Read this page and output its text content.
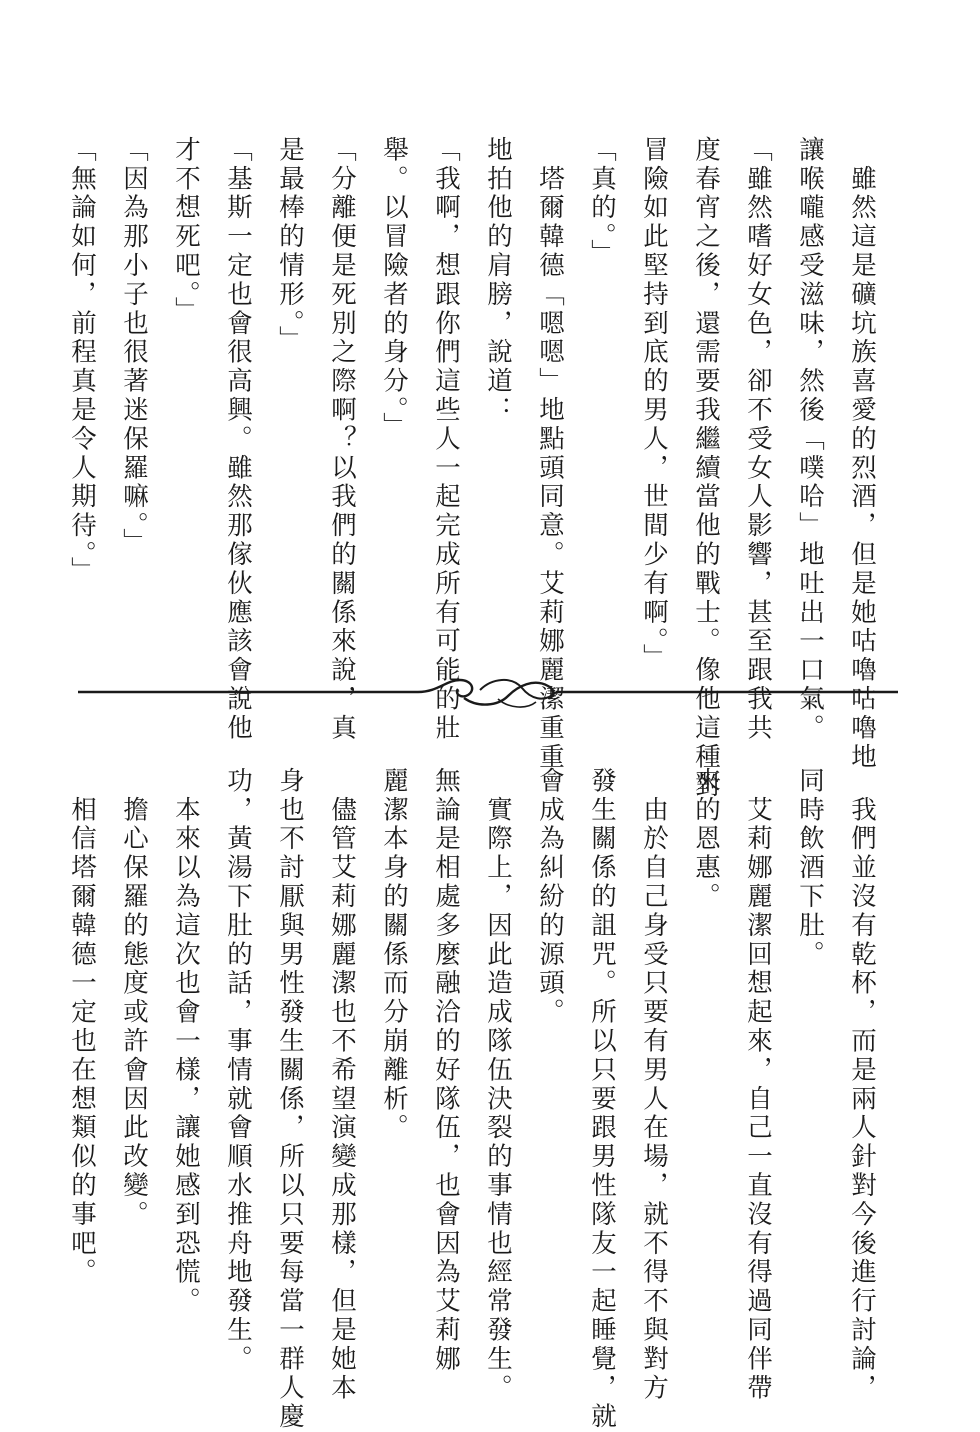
　雖然這是礦坑族喜愛的烈酒，但是她咕嚕咕嚕地
讓喉嚨感受滋味，然後「噗哈」地吐出一口氣。
「雖然嗜好女色，卻不受女人影響，甚至跟我共
度春宵之後，還需要我繼續當他的戰士。像他這種對
冒險如此堅持到底的男人，世間少有啊。」
「真的。」
　塔爾韓德「嗯嗯」地點頭同意。艾莉娜麗潔重重
地拍他的肩膀，說道：
「我啊，想跟你們這些人一起完成所有可能的壯
舉。以冒險者的身分。」
「分離便是死別之際啊？以我們的關係來說，真
是最棒的情形。」
「基斯一定也會很高興。雖然那傢伙應該會說他
才不想死吧。」
「因為那小子也很著迷保羅嘛。」
「無論如何，前程真是令人期待。」
　我們並沒有乾杯，而是兩人針對今後進行討論，
同時飲酒下肚。
　艾莉娜麗潔回想起來，自己一直沒有得過同伴帶
來的恩惠。
　由於自己身受只要有男人在場，就不得不與對方
發生關係的詛咒。所以只要跟男性隊友一起睡覺，就
會成為糾紛的源頭。
　實際上，因此造成隊伍決裂的事情也經常發生。
無論是相處多麼融洽的好隊伍，也會因為艾莉娜
麗潔本身的關係而分崩離析。
　儘管艾莉娜麗潔也不希望演變成那樣，但是她本
身也不討厭與男性發生關係，所以只要每當一群人慶
功，黃湯下肚的話，事情就會順水推舟地發生。
　本來以為這次也會一樣，讓她感到恐慌。
　擔心保羅的態度或許會因此改變。
　相信塔爾韓德一定也在想類似的事吧。
